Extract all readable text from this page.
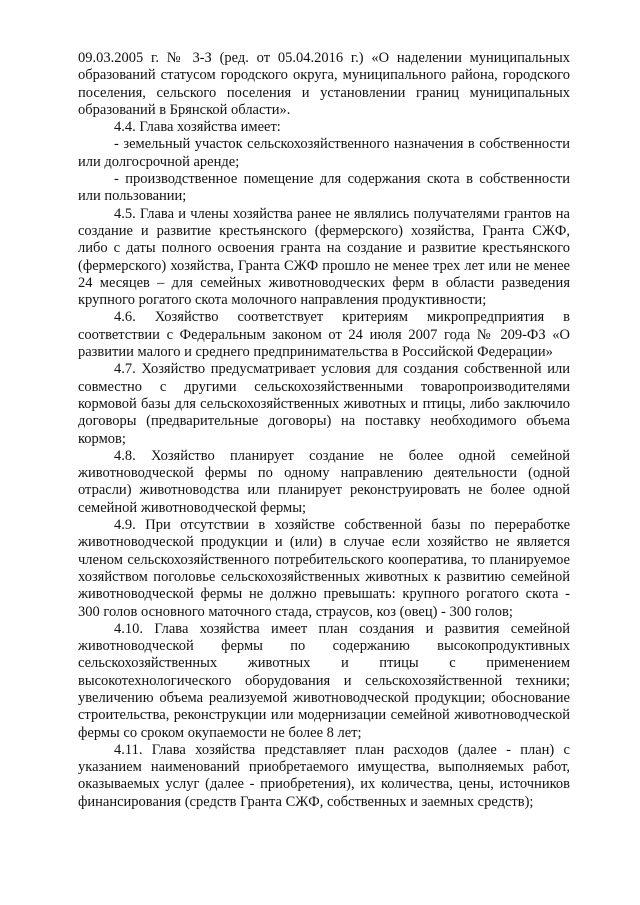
09.03.2005 г. № 3-З (ред. от 05.04.2016 г.) «О наделении муниципальных образований статусом городского округа, муниципального района, городского поселения, сельского поселения и установлении границ муниципальных образований в Брянской области».

4.4. Глава хозяйства имеет:

- земельный участок сельскохозяйственного назначения в собственности или долгосрочной аренде;

- производственное помещение для содержания скота в собственности или пользовании;

4.5. Глава и члены хозяйства ранее не являлись получателями грантов на создание и развитие крестьянского (фермерского) хозяйства, Гранта СЖФ, либо с даты полного освоения гранта на создание и развитие крестьянского (фермерского) хозяйства, Гранта СЖФ прошло не менее трех лет или не менее 24 месяцев – для семейных животноводческих ферм в области разведения крупного рогатого скота молочного направления продуктивности;

4.6. Хозяйство соответствует критериям микропредприятия в соответствии с Федеральным законом от 24 июля 2007 года № 209-ФЗ «О развитии малого и среднего предпринимательства в Российской Федерации»

4.7. Хозяйство предусматривает условия для создания собственной или совместно с другими сельскохозяйственными товаропроизводителями кормовой базы для сельскохозяйственных животных и птицы, либо заключило договоры (предварительные договоры) на поставку необходимого объема кормов;

4.8. Хозяйство планирует создание не более одной семейной животноводческой фермы по одному направлению деятельности (одной отрасли) животноводства или планирует реконструировать не более одной семейной животноводческой фермы;

4.9. При отсутствии в хозяйстве собственной базы по переработке животноводческой продукции и (или) в случае если хозяйство не является членом сельскохозяйственного потребительского кооператива, то планируемое хозяйством поголовье сельскохозяйственных животных к развитию семейной животноводческой фермы не должно превышать: крупного рогатого скота - 300 голов основного маточного стада, страусов, коз (овец) - 300 голов;

4.10. Глава хозяйства имеет план создания и развития семейной животноводческой фермы по содержанию высокопродуктивных сельскохозяйственных животных и птицы с применением высокотехнологического оборудования и сельскохозяйственной техники; увеличению объема реализуемой животноводческой продукции; обоснование строительства, реконструкции или модернизации семейной животноводческой фермы со сроком окупаемости не более 8 лет;

4.11. Глава хозяйства представляет план расходов (далее - план) с указанием наименований приобретаемого имущества, выполняемых работ, оказываемых услуг (далее - приобретения), их количества, цены, источников финансирования (средств Гранта СЖФ, собственных и заемных средств);
